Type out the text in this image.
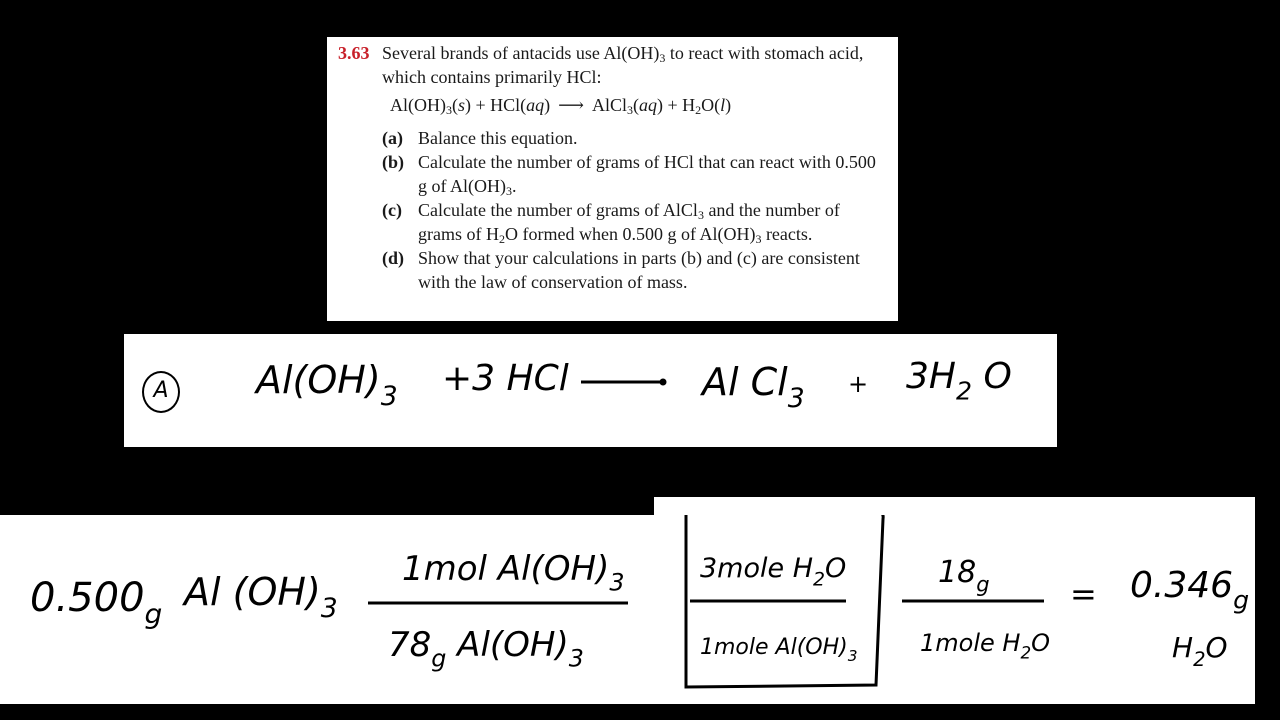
3.63 Several brands of antacids use $Al(OH)_3$ to react with stomach acid, which contains primarily HCl:
$Al(OH)_3(s) + HCl(aq)$ ⟶ AlCl$_3$(aq) + $H_2O(l)$
(a) Balance this equation.
(b) Calculate the number of grams of HCl that can react with 0.500 g of $Al(OH)_3$.
(c) Calculate the number of grams of AlCl$_3$ and the number of grams of $H_2O$ formed when 0.500 g of $Al(OH)_3$ reacts.
(d) Show that your calculations in parts (b) and (c) are consistent with the law of conservation of mass.
A	$Al(OH)_3 +3$ HCl	Al $Cl_3 + 3H_2$ O
$0.500_g$
Al $(OH)_3$
1mol $Al(OH)_3$
$78_g$ $Al(OH)_3$
3mole $H_2O$
1mole $Al(OH)_3$
$18_g$
1mole $H_2O$
= $0.346_g$
$H_2O$
